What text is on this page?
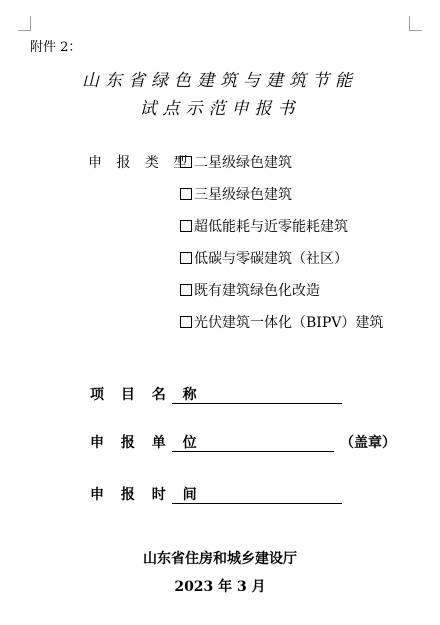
附件 2：
山东省绿色建筑与建筑节能
试点示范申报书
申 报 类 型 二星级绿色建筑
三星级绿色建筑
超低能耗与近零能耗建筑
低碳与零碳建筑（社区）
既有建筑绿色化改造
光伏建筑一体化（BIPV）建筑
项 目 名 称
申 报 单 位	（盖章）
申 报 时 间
山东省住房和城乡建设厅
2023 年 3 月
